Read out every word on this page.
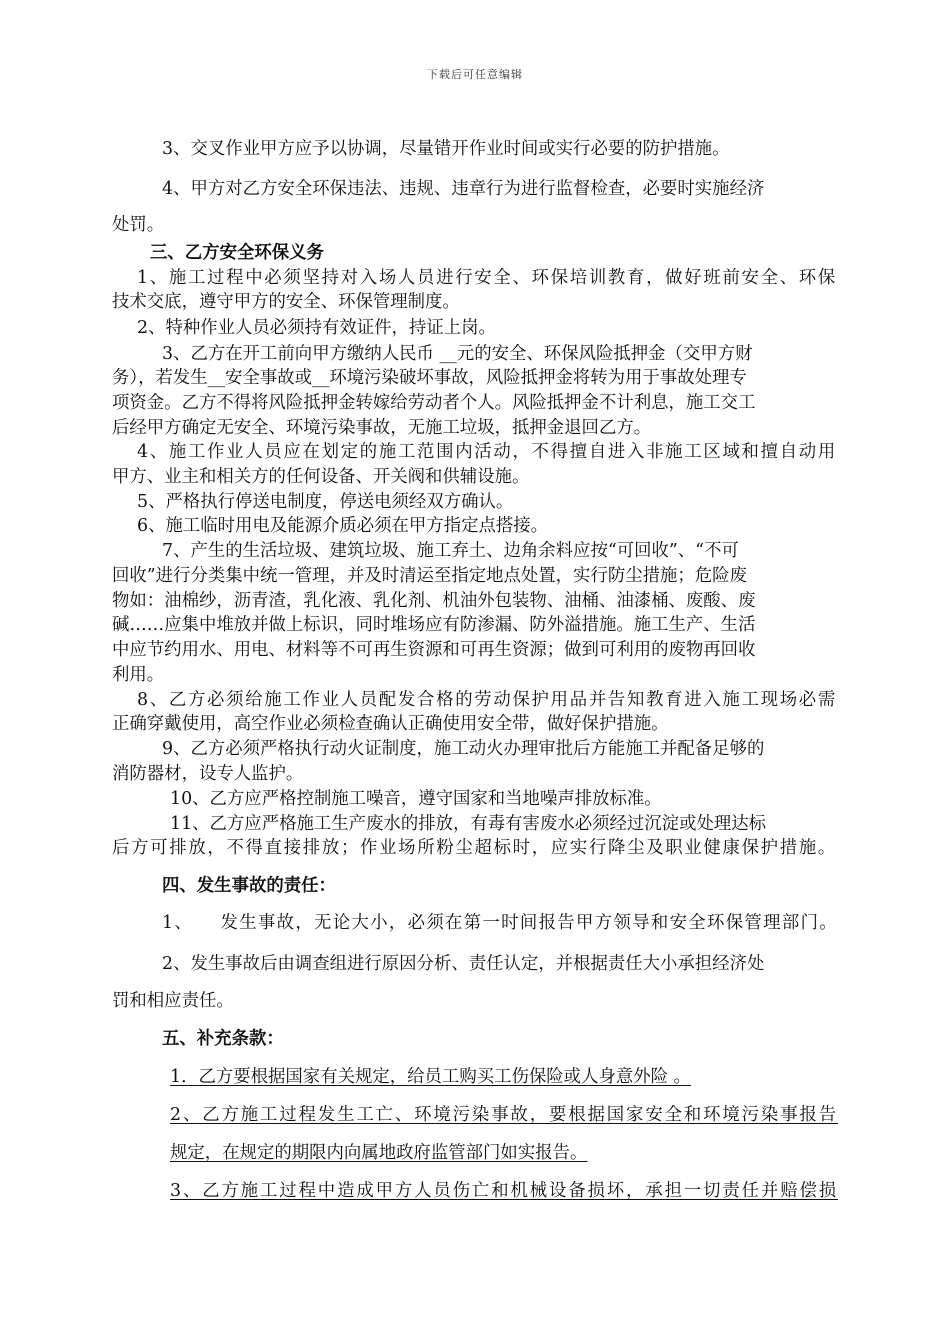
下载后可任意编辑
3、交叉作业甲方应予以协调，尽量错开作业时间或实行必要的防护措施。
4、甲方对乙方安全环保违法、违规、违章行为进行监督检查，必要时实施经济
处罚。
三、乙方安全环保义务
1、施工过程中必须坚持对入场人员进行安全、环保培训教育，做好班前安全、环保
技术交底，遵守甲方的安全、环保管理制度。
2、特种作业人员必须持有效证件，持证上岗。
3、乙方在开工前向甲方缴纳人民币 __元的安全、环保风险抵押金（交甲方财
务），若发生__安全事故或__环境污染破坏事故，风险抵押金将转为用于事故处理专
项资金。乙方不得将风险抵押金转嫁给劳动者个人。风险抵押金不计利息，施工交工
后经甲方确定无安全、环境污染事故，无施工垃圾，抵押金退回乙方。
4、施工作业人员应在划定的施工范围内活动，不得擅自进入非施工区域和擅自动用
甲方、业主和相关方的任何设备、开关阀和供辅设施。
5、严格执行停送电制度，停送电须经双方确认。
6、施工临时用电及能源介质必须在甲方指定点搭接。
7、产生的生活垃圾、建筑垃圾、施工弃土、边角余料应按“可回收”、“不可
回收”进行分类集中统一管理，并及时清运至指定地点处置，实行防尘措施；危险废
物如：油棉纱，沥青渣，乳化液、乳化剂、机油外包装物、油桶、油漆桶、废酸、废
碱……应集中堆放并做上标识，同时堆场应有防渗漏、防外溢措施。施工生产、生活
中应节约用水、用电、材料等不可再生资源和可再生资源；做到可利用的废物再回收
利用。
8、乙方必须给施工作业人员配发合格的劳动保护用品并告知教育进入施工现场必需
正确穿戴使用，高空作业必须检查确认正确使用安全带，做好保护措施。
9、乙方必须严格执行动火证制度，施工动火办理审批后方能施工并配备足够的
消防器材，设专人监护。
10、乙方应严格控制施工噪音，遵守国家和当地噪声排放标准。
11、乙方应严格施工生产废水的排放，有毒有害废水必须经过沉淀或处理达标
后方可排放，不得直接排放；作业场所粉尘超标时，应实行降尘及职业健康保护措施。
四、发生事故的责任：
1、    发生事故，无论大小，必须在第一时间报告甲方领导和安全环保管理部门。
2、发生事故后由调查组进行原因分析、责任认定，并根据责任大小承担经济处
罚和相应责任。
五、补充条款：
1．乙方要根据国家有关规定，给员工购买工伤保险或人身意外险 。
2、乙方施工过程发生工亡、环境污染事故，要根据国家安全和环境污染事报告
规定，在规定的期限内向属地政府监管部门如实报告。
3、乙方施工过程中造成甲方人员伤亡和机械设备损坏，承担一切责任并赔偿损
